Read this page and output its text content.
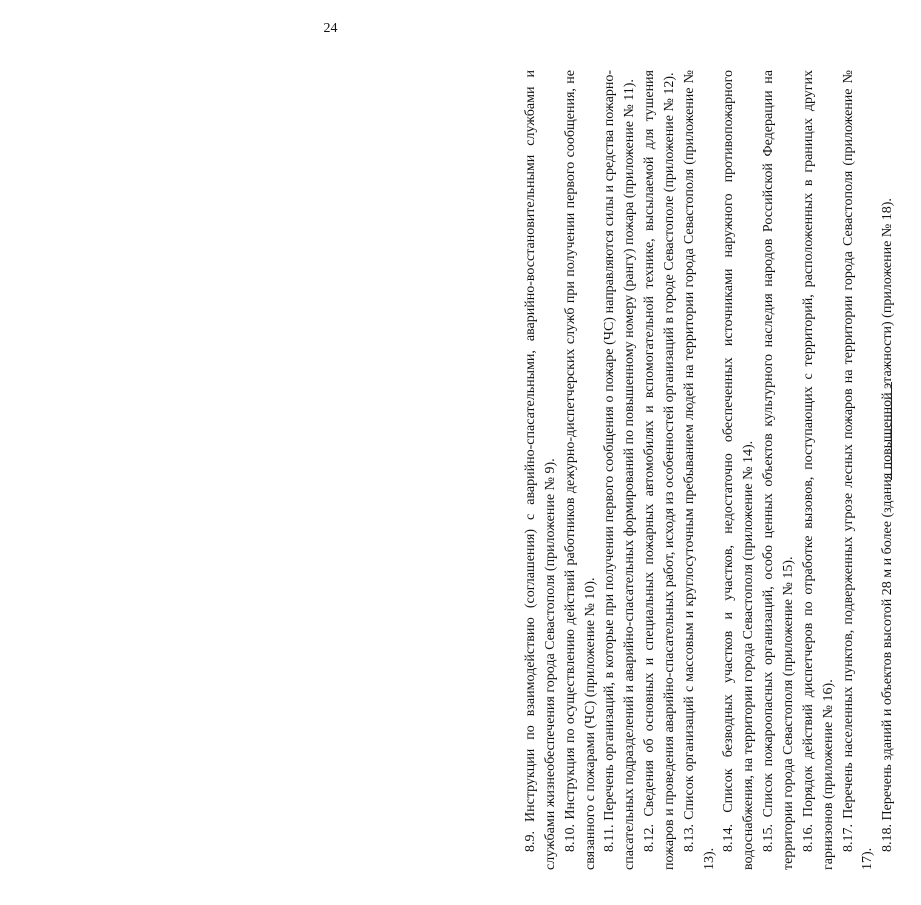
24

8.9. Инструкции по взаимодействию (соглашения) с аварийно-спасательными, аварийно-восстановительными службами и службами жизнеобеспечения города Севастополя (приложение № 9). 8.10. Инструкция по осуществлению действий работников дежурно-диспетчерских служб при получении первого сообщения, не связанного с пожарами (ЧС) (приложение № 10). 8.11. Перечень организаций, в которые при получении первого сообщения о пожаре (ЧС) направляются силы и средства пожарно-спасательных подразделений и аварийно-спасательных формирований по повышенному номеру (рангу) пожара (приложение № 11). 8.12. Сведения об основных и специальных пожарных автомобилях и вспомогательной технике, высылаемой для тушения пожаров и проведения аварийно-спасательных работ, исходя из особенностей организаций в городе Севастополе (приложение № 12). 8.13. Список организаций с массовым и круглосуточным пребыванием людей на территории города Севастополя (приложение № 13).

8.14. Список безводных участков и участков, недостаточно обеспеченных источниками наружного противопожарного водоснабжения, на территории города Севастополя (приложение № 14). 8.15. Список пожароопасных организаций, особо ценных объектов культурного наследия народов Российской Федерации на территории города Севастополя (приложение № 15). 8.16. Порядок действий диспетчеров по отработке вызовов, поступающих с территорий, расположенных в границах других гарнизонов (приложение № 16). 8.17. Перечень населенных пунктов, подверженных угрозе лесных пожаров на территории города Севастополя (приложение № 17).

8.18. Перечень зданий и объектов высотой 28 м и более (здания повышенной этажности) (приложение № 18).
